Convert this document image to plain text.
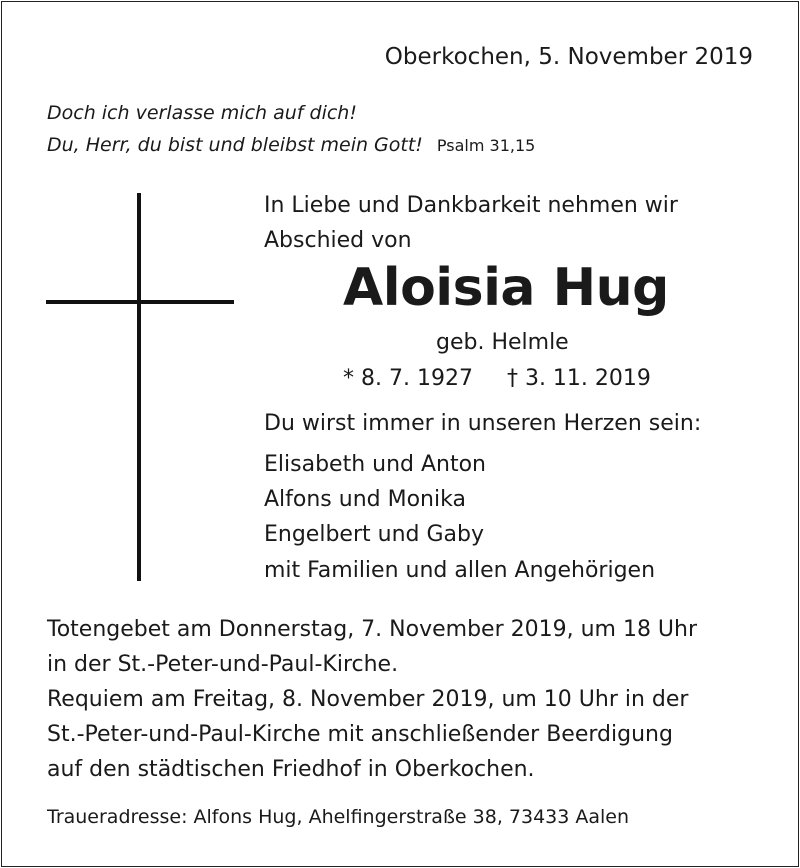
Oberkochen, 5. November 2019
Doch ich verlasse mich auf dich!
Du, Herr, du bist und bleibst mein Gott! Psalm 31,15
In Liebe und Dankbarkeit nehmen wir
Abschied von
Aloisia Hug
geb. Helmle
* 8. 7. 1927 † 3. 11. 2019
Du wirst immer in unseren Herzen sein:
Elisabeth und Anton
Alfons und Monika
Engelbert und Gaby
mit Familien und allen Angehörigen
Totengebet am Donnerstag, 7. November 2019, um 18 Uhr
in der St.-Peter-und-Paul-Kirche.
Requiem am Freitag, 8. November 2019, um 10 Uhr in der
St.-Peter-und-Paul-Kirche mit anschließender Beerdigung
auf den städtischen Friedhof in Oberkochen.
Traueradresse: Alfons Hug, Ahelfingerstraße 38, 73433 Aalen
